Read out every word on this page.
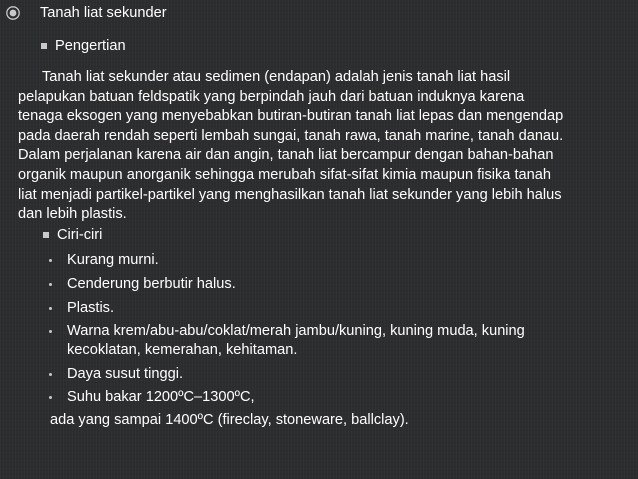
Tanah liat sekunder
Pengertian
Tanah liat sekunder atau sedimen (endapan) adalah jenis tanah liat hasil
pelapukan batuan feldspatik yang berpindah jauh dari batuan induknya karena
tenaga eksogen yang menyebabkan butiran-butiran tanah liat lepas dan mengendap
pada daerah rendah seperti lembah sungai, tanah rawa, tanah marine, tanah danau.
Dalam perjalanan karena air dan angin, tanah liat bercampur dengan bahan-bahan
organik maupun anorganik sehingga merubah sifat-sifat kimia maupun fisika tanah
liat menjadi partikel-partikel yang menghasilkan tanah liat sekunder yang lebih halus
dan lebih plastis.
Ciri-ciri
Kurang murni.
Cenderung berbutir halus.
Plastis.
Warna krem/abu-abu/coklat/merah jambu/kuning, kuning muda, kuning
kecoklatan, kemerahan, kehitaman.
Daya susut tinggi.
Suhu bakar 1200ºC–1300ºC,
ada yang sampai 1400ºC (fireclay, stoneware, ballclay).
